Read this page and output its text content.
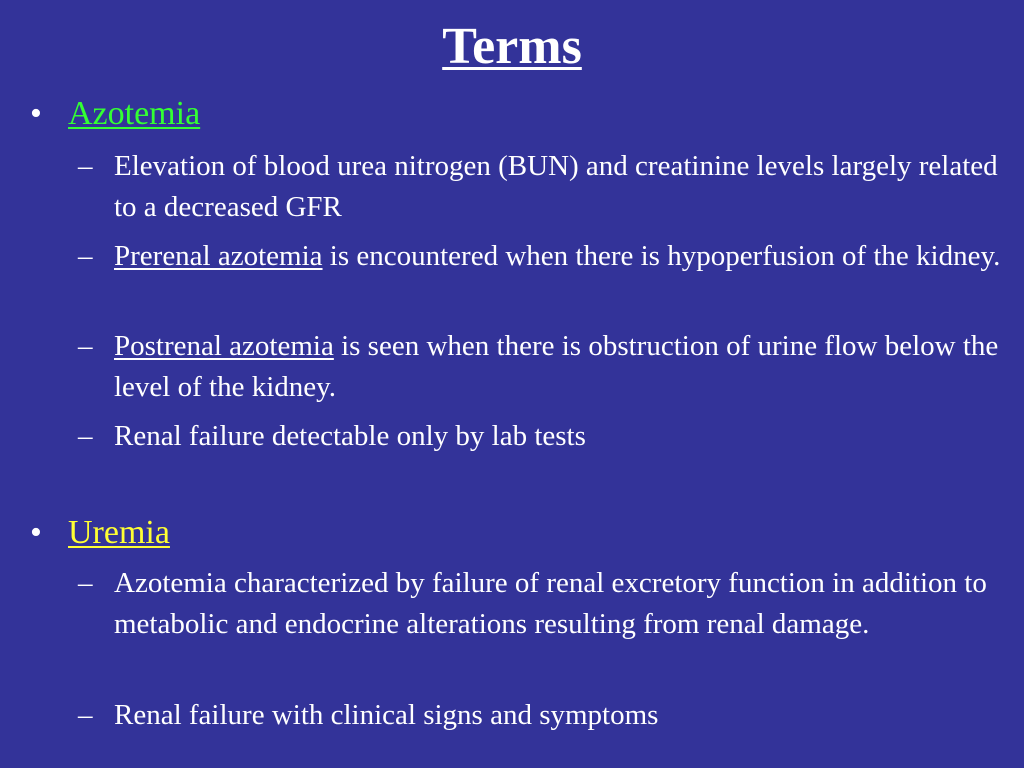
Terms
• Azotemia
– Elevation of blood urea nitrogen (BUN) and creatinine levels largely related to a decreased GFR
– Prerenal azotemia is encountered when there is hypoperfusion of the kidney.
– Postrenal azotemia is seen when there is obstruction of urine flow below the level of the kidney.
– Renal failure detectable only by lab tests
• Uremia
– Azotemia characterized by failure of renal excretory function in addition to metabolic and endocrine alterations resulting from renal damage.
– Renal failure with clinical signs and symptoms
